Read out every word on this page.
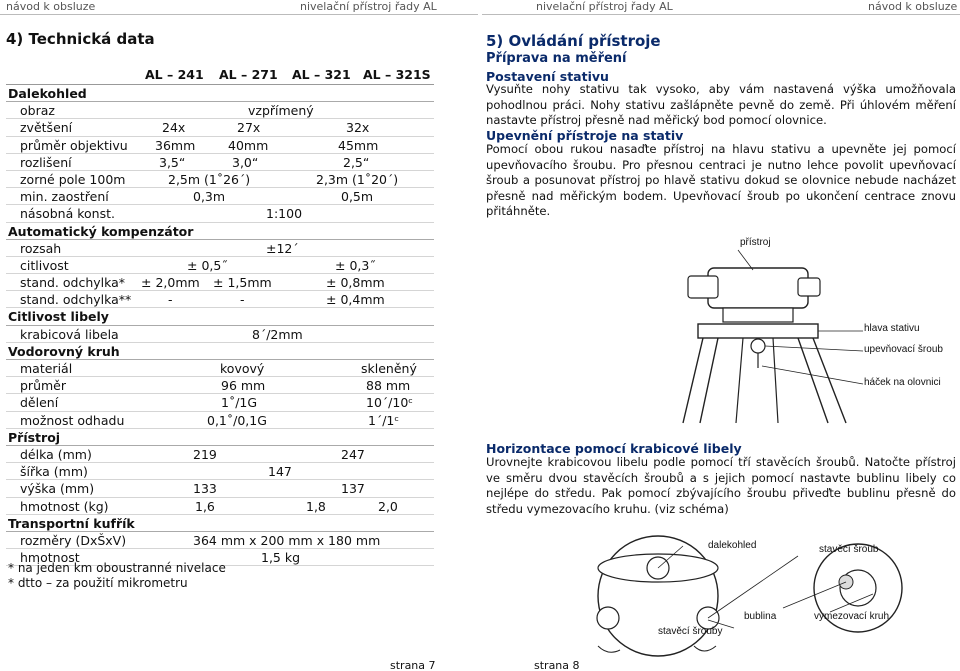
návod k obsluze	nivelační přístroj řady AL
4) Technická data
AL – 241 AL – 271 AL – 321 AL – 321S
Dalekohled
obraz	vzpřímený
zvětšení	24x	27x	32x
průměr objektivu 36mm	40mm	45mm
rozlišení	3,5“	3,0“	2,5“
zorné pole 100m	2,5m (1˚26´)	2,3m (1˚20´)
min. zaostření	0,3m	0,5m
násobná konst.	1:100
Automatický kompenzátor
rozsah	±12´
citlivost	± 0,5˝	± 0,3˝
stand. odchylka* ± 2,0mm ± 1,5mm	± 0,8mm
stand. odchylka**	-	-	± 0,4mm
Citlivost libely
krabicová libela	8´/2mm
Vodorovný kruh
materiál	kovový	skleněný
průměr	96 mm	88 mm
dělení	1˚/1G	10´/10ᶜ
možnost odhadu	0,1˚/0,1G	1´/1ᶜ
Přístroj
délka (mm)	219	247
šířka (mm)	147
výška (mm)	133	137
hmotnost (kg)	1,6	1,8	2,0
Transportní kufřík
rozměry (DxŠxV)	364 mm x 200 mm x 180 mm
hmotnost	1,5 kg
* na jeden km oboustranné nivelace
* dtto – za použití mikrometru
strana 7
nivelační přístroj řady AL	návod k obsluze
5) Ovládání přístroje
Příprava na měření
Postavení stativu
Vysuňte nohy stativu tak vysoko, aby vám nastavená výška umožňovala pohodlnou práci. Nohy stativu zašlápněte pevně do země. Při úhlovém měření nastavte přístroj přesně nad měřický bod pomocí olovnice.
Upevnění přístroje na stativ
Pomocí obou rukou nasaďte přístroj na hlavu stativu a upevněte jej pomocí upevňovacího šroubu. Pro přesnou centraci je nutno lehce povolit upevňovací šroub a posunovat přístroj po hlavě stativu dokud se olovnice nebude nacházet přesně nad měřickým bodem. Upevňovací šroub po ukončení centrace znovu přitáhněte.
přístroj
hlava stativu
upevňovací šroub
háček na olovnici
Horizontace pomocí krabicové libely
Urovnejte krabicovou libelu podle pomocí tří stavěcích šroubů. Natočte přístroj ve směru dvou stavěcích šroubů a s jejich pomocí nastavte bublinu libely co nejlépe do středu. Pak pomocí zbývajícího šroubu přiveďte bublinu přesně do středu vymezovacího kruhu. (viz schéma)
dalekohled	stavěcí šroub
bublina	vymezovací kruh
stavěcí šrouby
strana 8
